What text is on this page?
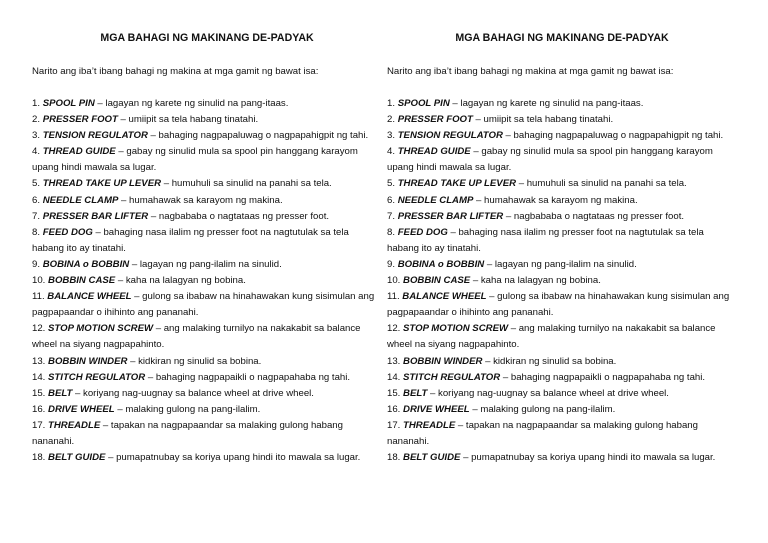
MGA BAHAGI NG MAKINANG DE-PADYAK

Narito ang iba’t ibang bahagi ng makina at mga gamit ng bawat isa:

1. SPOOL PIN – lagayan ng karete ng sinulid na pang-itaas.

2. PRESSER FOOT – umiipit sa tela habang tinatahi.

3. TENSION REGULATOR – bahaging nagpapaluwag o nagpapahigpit ng tahi.

4. THREAD GUIDE – gabay ng sinulid mula sa spool pin hanggang karayom upang hindi mawala sa lugar.

5. THREAD TAKE UP LEVER – humuhuli sa sinulid na panahi sa tela.

6. NEEDLE CLAMP – humahawak sa karayom ng makina.

7. PRESSER BAR LIFTER – nagbababa o nagtataas ng presser foot.

8. FEED DOG – bahaging nasa ilalim ng presser foot na nagtutulak sa tela habang ito ay tinatahi.

9. BOBINA o BOBBIN – lagayan ng pang-ilalim na sinulid.

10. BOBBIN CASE – kaha na lalagyan ng bobina.

11. BALANCE WHEEL – gulong sa ibabaw na hinahawakan kung sisimulan ang pagpapaandar o ihihinto ang pananahi.

12. STOP MOTION SCREW – ang malaking turnilyo na nakakabit sa balance wheel na siyang nagpapahinto.

13. BOBBIN WINDER – kidkiran ng sinulid sa bobina.

14. STITCH REGULATOR – bahaging nagpapaikli o nagpapahaba ng tahi.

15. BELT – koriyang nag-uugnay sa balance wheel at drive wheel.

16. DRIVE WHEEL – malaking gulong na pang-ilalim.

17. THREADLE – tapakan na nagpapaandar sa malaking gulong habang nananahi.

18. BELT GUIDE – pumapatnubay sa koriya upang hindi ito mawala sa lugar.

MGA BAHAGI NG MAKINANG DE-PADYAK

Narito ang iba’t ibang bahagi ng makina at mga gamit ng bawat isa:

1. SPOOL PIN – lagayan ng karete ng sinulid na pang-itaas.

2. PRESSER FOOT – umiipit sa tela habang tinatahi.

3. TENSION REGULATOR – bahaging nagpapaluwag o nagpapahigpit ng tahi.

4. THREAD GUIDE – gabay ng sinulid mula sa spool pin hanggang karayom upang hindi mawala sa lugar.

5. THREAD TAKE UP LEVER – humuhuli sa sinulid na panahi sa tela.

6. NEEDLE CLAMP – humahawak sa karayom ng makina.

7. PRESSER BAR LIFTER – nagbababa o nagtataas ng presser foot.

8. FEED DOG – bahaging nasa ilalim ng presser foot na nagtutulak sa tela habang ito ay tinatahi.

9. BOBINA o BOBBIN – lagayan ng pang-ilalim na sinulid.

10. BOBBIN CASE – kaha na lalagyan ng bobina.

11. BALANCE WHEEL – gulong sa ibabaw na hinahawakan kung sisimulan ang pagpapaandar o ihihinto ang pananahi.

12. STOP MOTION SCREW – ang malaking turnilyo na nakakabit sa balance wheel na siyang nagpapahinto.

13. BOBBIN WINDER – kidkiran ng sinulid sa bobina.

14. STITCH REGULATOR – bahaging nagpapaikli o nagpapahaba ng tahi.

15. BELT – koriyang nag-uugnay sa balance wheel at drive wheel.

16. DRIVE WHEEL – malaking gulong na pang-ilalim.

17. THREADLE – tapakan na nagpapaandar sa malaking gulong habang nananahi.

18. BELT GUIDE – pumapatnubay sa koriya upang hindi ito mawala sa lugar.
